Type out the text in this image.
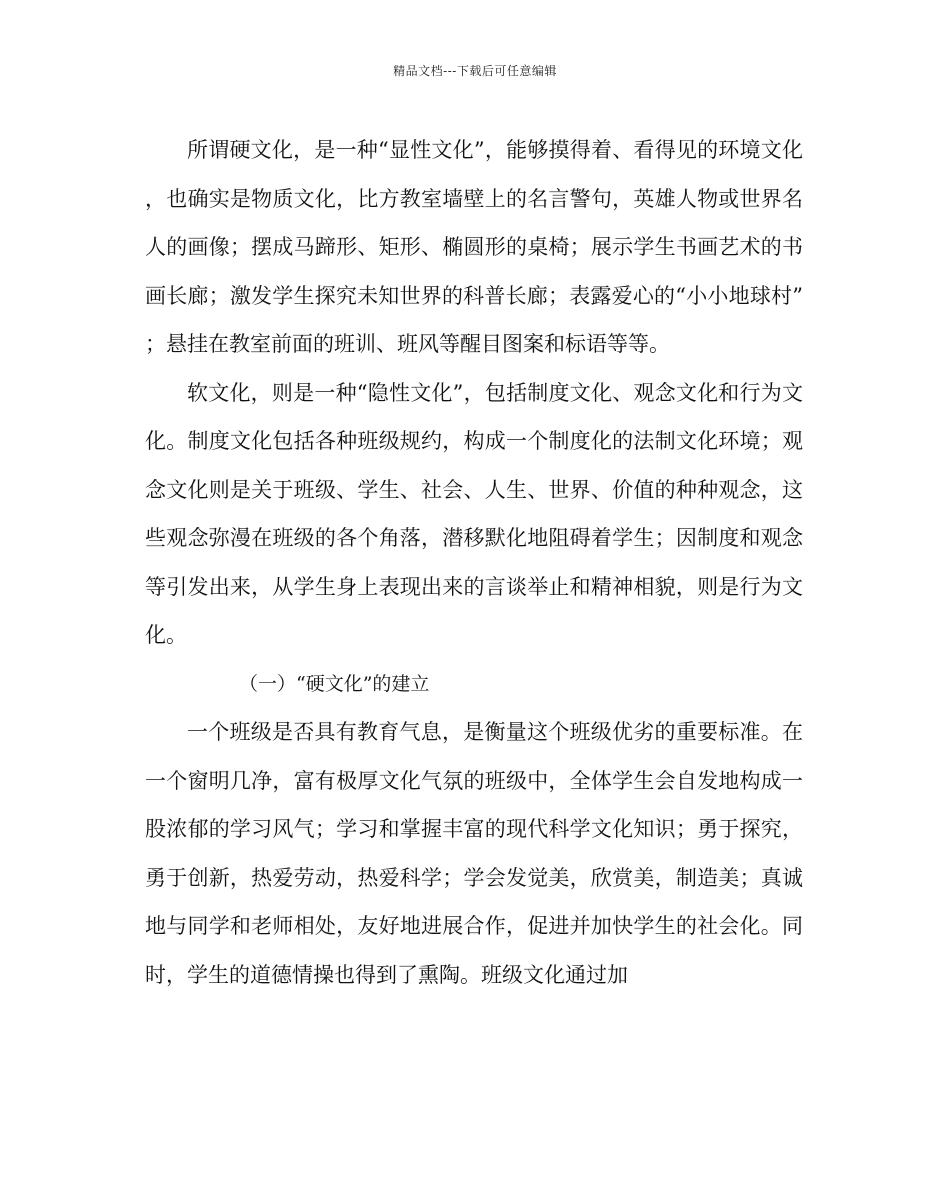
精品文档---下载后可任意编辑

所谓硬文化，是一种“显性文化”，能够摸得着、看得见的环境文化，也确实是物质文化，比方教室墙壁上的名言警句，英雄人物或世界名人的画像；摆成马蹄形、矩形、椭圆形的桌椅；展示学生书画艺术的书画长廊；激发学生探究未知世界的科普长廊；表露爱心的“小小地球村”；悬挂在教室前面的班训、班风等醒目图案和标语等等。

软文化，则是一种“隐性文化”，包括制度文化、观念文化和行为文化。制度文化包括各种班级规约，构成一个制度化的法制文化环境；观念文化则是关于班级、学生、社会、人生、世界、价值的种种观念，这些观念弥漫在班级的各个角落，潜移默化地阻碍着学生；因制度和观念等引发出来，从学生身上表现出来的言谈举止和精神相貌，则是行为文化。

（一）“硬文化”的建立

一个班级是否具有教育气息，是衡量这个班级优劣的重要标准。在一个窗明几净，富有极厚文化气氛的班级中，全体学生会自发地构成一股浓郁的学习风气；学习和掌握丰富的现代科学文化知识；勇于探究，勇于创新，热爱劳动，热爱科学；学会发觉美，欣赏美，制造美；真诚地与同学和老师相处，友好地进展合作，促进并加快学生的社会化。同时，学生的道德情操也得到了熏陶。班级文化通过加
